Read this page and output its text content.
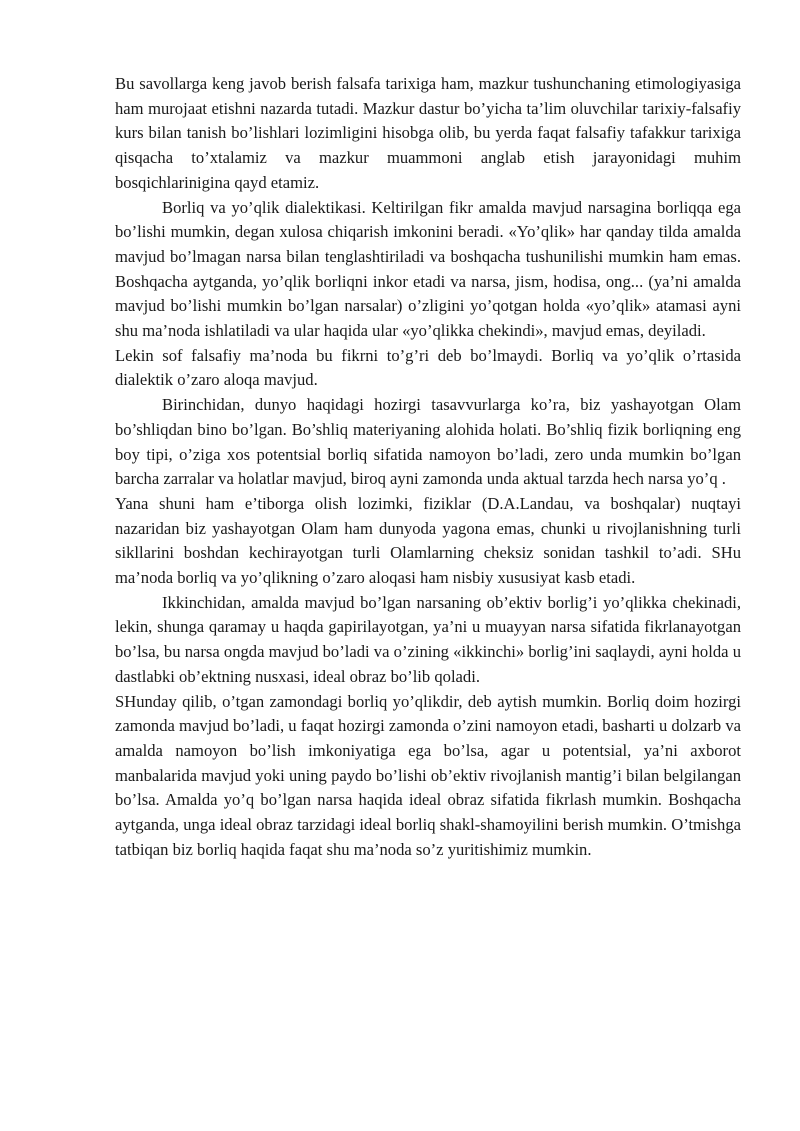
Bu savollarga keng javob berish falsafa tarixiga ham, mazkur tushunchaning etimologiyasiga ham murojaat etishni nazarda tutadi. Mazkur dastur bo’yicha ta’lim oluvchilar tarixiy-falsafiy kurs bilan tanish bo’lishlari lozimligini hisobga olib, bu yerda faqat falsafiy tafakkur tarixiga qisqacha to’xtalamiz va mazkur muammoni anglab etish jarayonidagi muhim bosqichlarinigina qayd etamiz.

Borliq va yo’qlik dialektikasi. Keltirilgan fikr amalda mavjud narsagina borliqqa ega bo’lishi mumkin, degan xulosa chiqarish imkonini beradi. «Yo’qlik» har qanday tilda amalda mavjud bo’lmagan narsa bilan tenglashtiriladi va boshqacha tushunilishi mumkin ham emas. Boshqacha aytganda, yo’qlik borliqni inkor etadi va narsa, jism, hodisa, ong... (ya’ni amalda mavjud bo’lishi mumkin bo’lgan narsalar) o’zligini yo’qotgan holda «yo’qlik» atamasi ayni shu ma’noda ishlatiladi va ular haqida ular «yo’qlikka chekindi», mavjud emas, deyiladi.

Lekin sof falsafiy ma’noda bu fikrni to’g’ri deb bo’lmaydi. Borliq va yo’qlik o’rtasida dialektik o’zaro aloqa mavjud.

Birinchidan, dunyo haqidagi hozirgi tasavvurlarga ko’ra, biz yashayotgan Olam bo’shliqdan bino bo’lgan. Bo’shliq materiyaning alohida holati. Bo’shliq fizik borliqning eng boy tipi, o’ziga xos potentsial borliq sifatida namoyon bo’ladi, zero unda mumkin bo’lgan barcha zarralar va holatlar mavjud, biroq ayni zamonda unda aktual tarzda hech narsa yo’q .

Yana shuni ham e’tiborga olish lozimki, fiziklar (D.A.Landau, va boshqalar) nuqtayi nazaridan biz yashayotgan Olam ham dunyoda yagona emas, chunki u rivojlanishning turli sikllarini boshdan kechirayotgan turli Olamlarning cheksiz sonidan tashkil to’adi. SHu ma’noda borliq va yo’qlikning o’zaro aloqasi ham nisbiy xususiyat kasb etadi.

Ikkinchidan, amalda mavjud bo’lgan narsaning ob’ektiv borlig’i yo’qlikka chekinadi, lekin, shunga qaramay u haqda gapirilayotgan, ya’ni u muayyan narsa sifatida fikrlanayotgan bo’lsa, bu narsa ongda mavjud bo’ladi va o’zining «ikkinchi» borlig’ini saqlaydi, ayni holda u dastlabki ob’ektning nusxasi, ideal obraz bo’lib qoladi.

SHunday qilib, o’tgan zamondagi borliq yo’qlikdir, deb aytish mumkin. Borliq doim hozirgi zamonda mavjud bo’ladi, u faqat hozirgi zamonda o’zini namoyon etadi, basharti u dolzarb va amalda namoyon bo’lish imkoniyatiga ega bo’lsa, agar u potentsial, ya’ni axborot manbalarida mavjud yoki uning paydo bo’lishi ob’ektiv rivojlanish mantig’i bilan belgilangan bo’lsa. Amalda yo’q bo’lgan narsa haqida ideal obraz sifatida fikrlash mumkin. Boshqacha aytganda, unga ideal obraz tarzidagi ideal borliq shakl-shamoyilini berish mumkin. O’tmishga tatbiqan biz borliq haqida faqat shu ma’noda so’z yuritishimiz mumkin.
